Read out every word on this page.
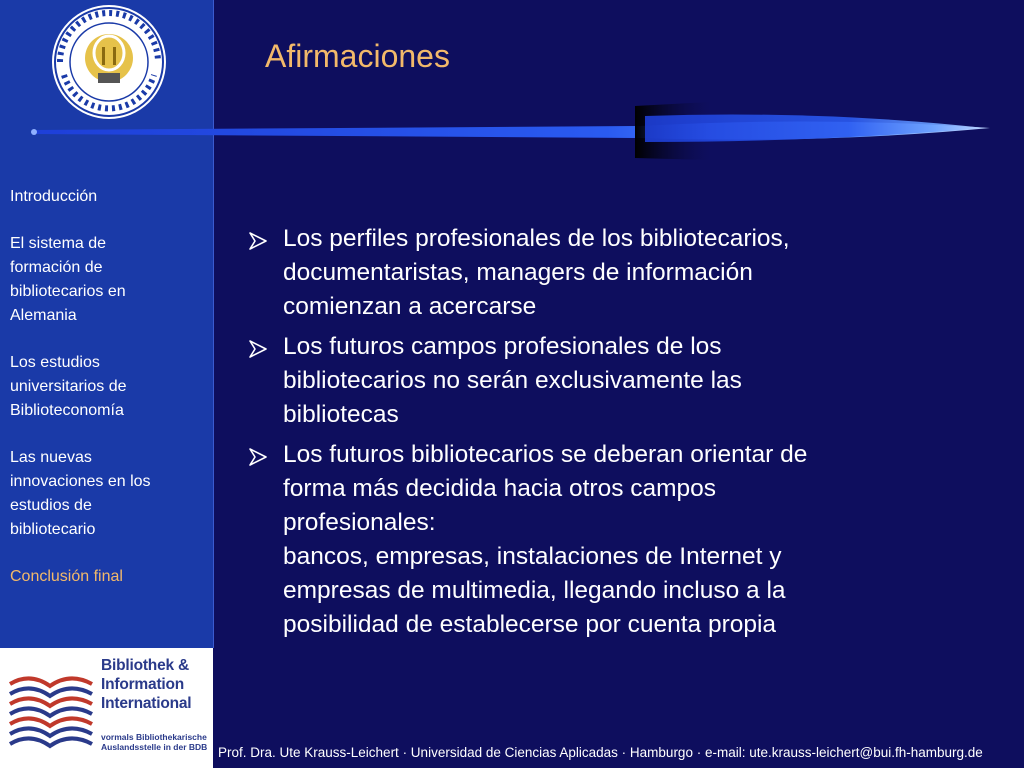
Introducción
El sistema de
formación de
bibliotecarios en
Alemania
Los estudios
universitarios de
Biblioteconomía
Las nuevas
innovaciones en los
estudios de
bibliotecario
Conclusión final
Bibliothek &
Information
International
vormals Bibliothekarische
Auslandsstelle in der BDB
Afirmaciones
Los perfiles profesionales de los bibliotecarios,
documentaristas, managers de información
comienzan a acercarse
Los futuros campos profesionales de los
bibliotecarios no serán exclusivamente las
bibliotecas
Los futuros bibliotecarios se deberan orientar de
forma más decidida hacia otros campos
profesionales:
bancos, empresas, instalaciones de Internet y
empresas de multimedia, llegando incluso a la
posibilidad de establecerse por cuenta propia
Prof. Dra. Ute Krauss-Leichert · Universidad de Ciencias Aplicadas · Hamburgo · e-mail: ute.krauss-leichert@bui.fh-hamburg.de
